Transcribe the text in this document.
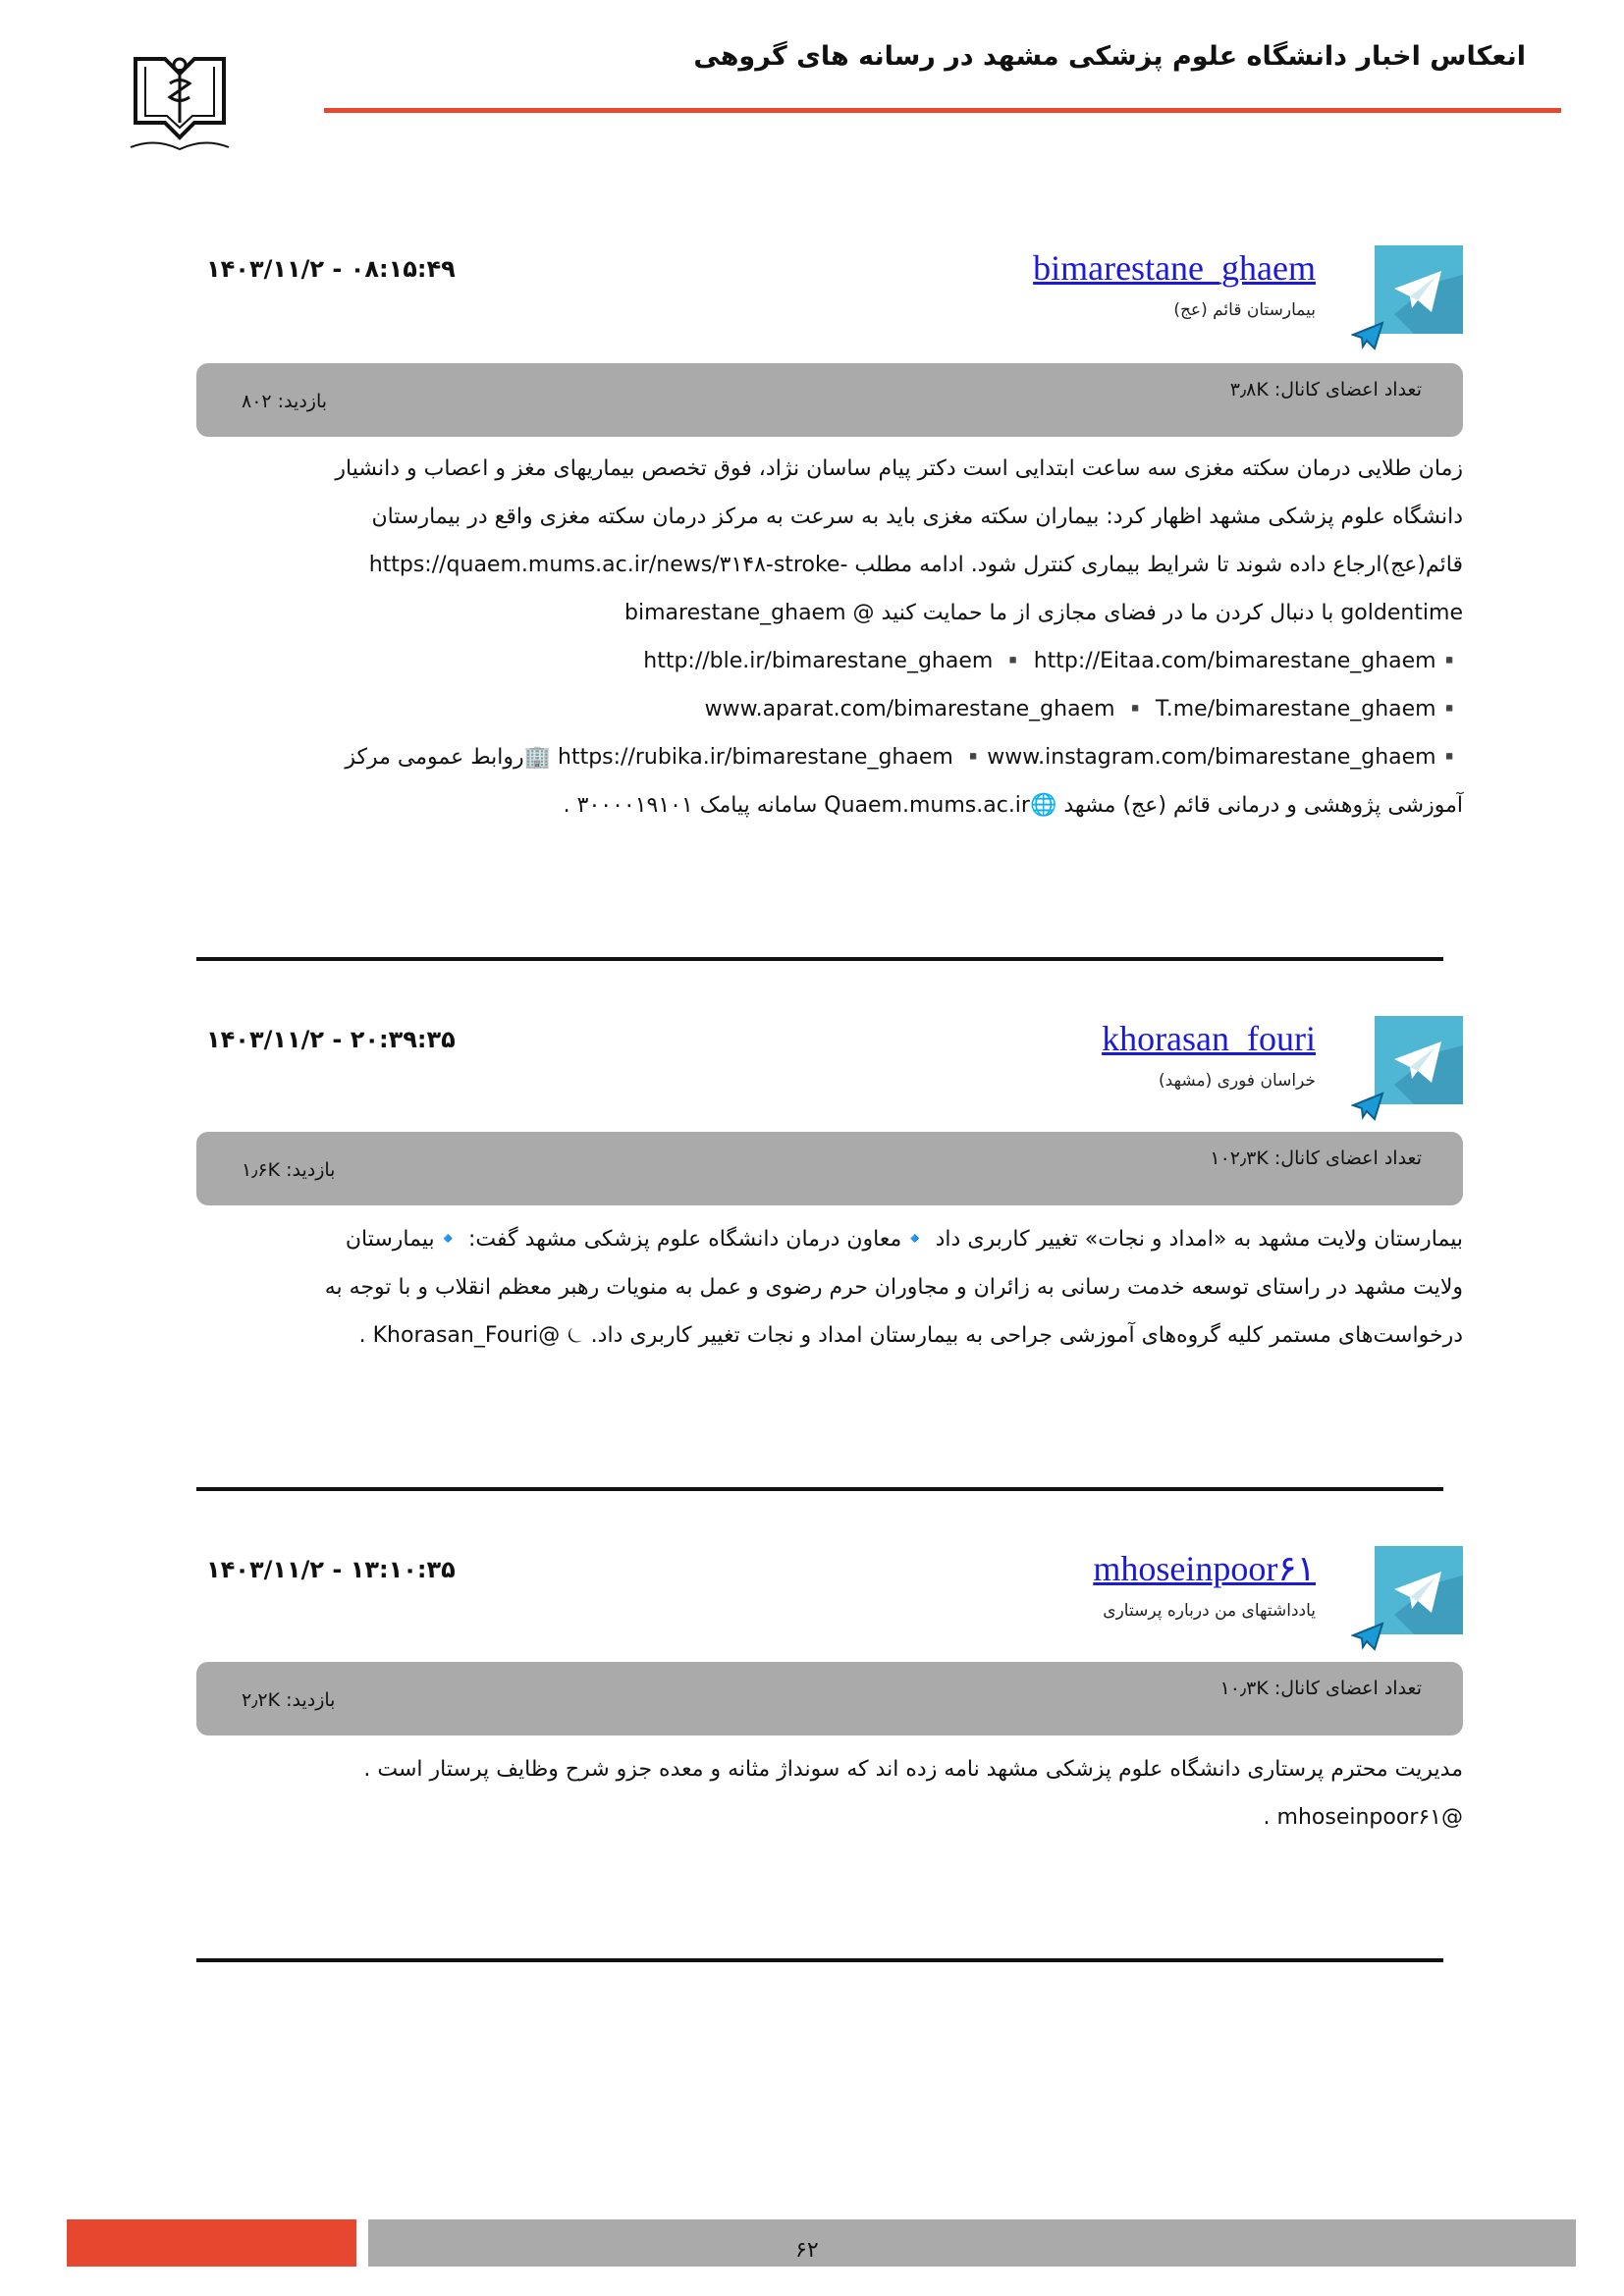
انعکاس اخبار دانشگاه علوم پزشکی مشهد در رسانه های گروهی
bimarestane_ghaem
بیمارستان قائم (عج)
۱۴۰۳/۱۱/۲ - ۰۸:۱۵:۴۹
تعداد اعضای کانال: ۳٫۸K
بازدید: ۸۰۲

زمان طلایی درمان سکته مغزی سه ساعت ابتدایی است دکتر پیام ساسان نژاد، فوق تخصص بیماریهای مغز و اعصاب و دانشیار

دانشگاه علوم پزشکی مشهد اظهار کرد: بیماران سکته مغزی باید به سرعت به مرکز درمان سکته مغزی واقع در بیمارستان

قائم(عج)ارجاع داده شوند تا شرایط بیماری کنترل شود. ادامه مطلب -https://quaem.mums.ac.ir/news/۳۱۴۸-stroke

goldentime با دنبال کردن ما در فضای مجازی از ما حمایت کنید @ bimarestane_ghaem

▪️http://ble.ir/bimarestane_ghaem ▪️ http://Eitaa.com/bimarestane_ghaem

▪️www.aparat.com/bimarestane_ghaem ▪️ T.me/bimarestane_ghaem

▪️https://rubika.ir/bimarestane_ghaem ▪️www.instagram.com/bimarestane_ghaem 🏢روابط عمومی مرکز

آموزشی پژوهشی و درمانی قائم (عج) مشهد 🌐Quaem.mums.ac.ir سامانه پیامک ۳۰۰۰۰۱۹۱۰۱ .

khorasan_fouri
خراسان فوری (مشهد)
۱۴۰۳/۱۱/۲ - ۲۰:۳۹:۳۵
تعداد اعضای کانال: ۱۰۲٫۳K
بازدید: ۱٫۶K

بیمارستان ولایت مشهد به «امداد و نجات» تغییر کاربری داد 🔹معاون درمان دانشگاه علوم پزشکی مشهد گفت: 🔹بیمارستان

ولایت مشهد در راستای توسعه خدمت رسانی به زائران و مجاوران حرم رضوی و عمل به منویات رهبر معظم انقلاب و با توجه به

درخواست‌های مستمر کلیه گروه‌های آموزشی جراحی به بیمارستان امداد و نجات تغییر کاربری داد. ⏾ @Khorasan_Fouri .

mhoseinpoor۶۱
یادداشتهای من درباره پرستاری
۱۴۰۳/۱۱/۲ - ۱۳:۱۰:۳۵
تعداد اعضای کانال: ۱۰٫۳K
بازدید: ۲٫۲K

مدیریت محترم پرستاری دانشگاه علوم پزشکی مشهد نامه زده اند که سونداژ مثانه و معده جزو شرح وظایف پرستار است .

@mhoseinpoor۶۱ .

۶۲
